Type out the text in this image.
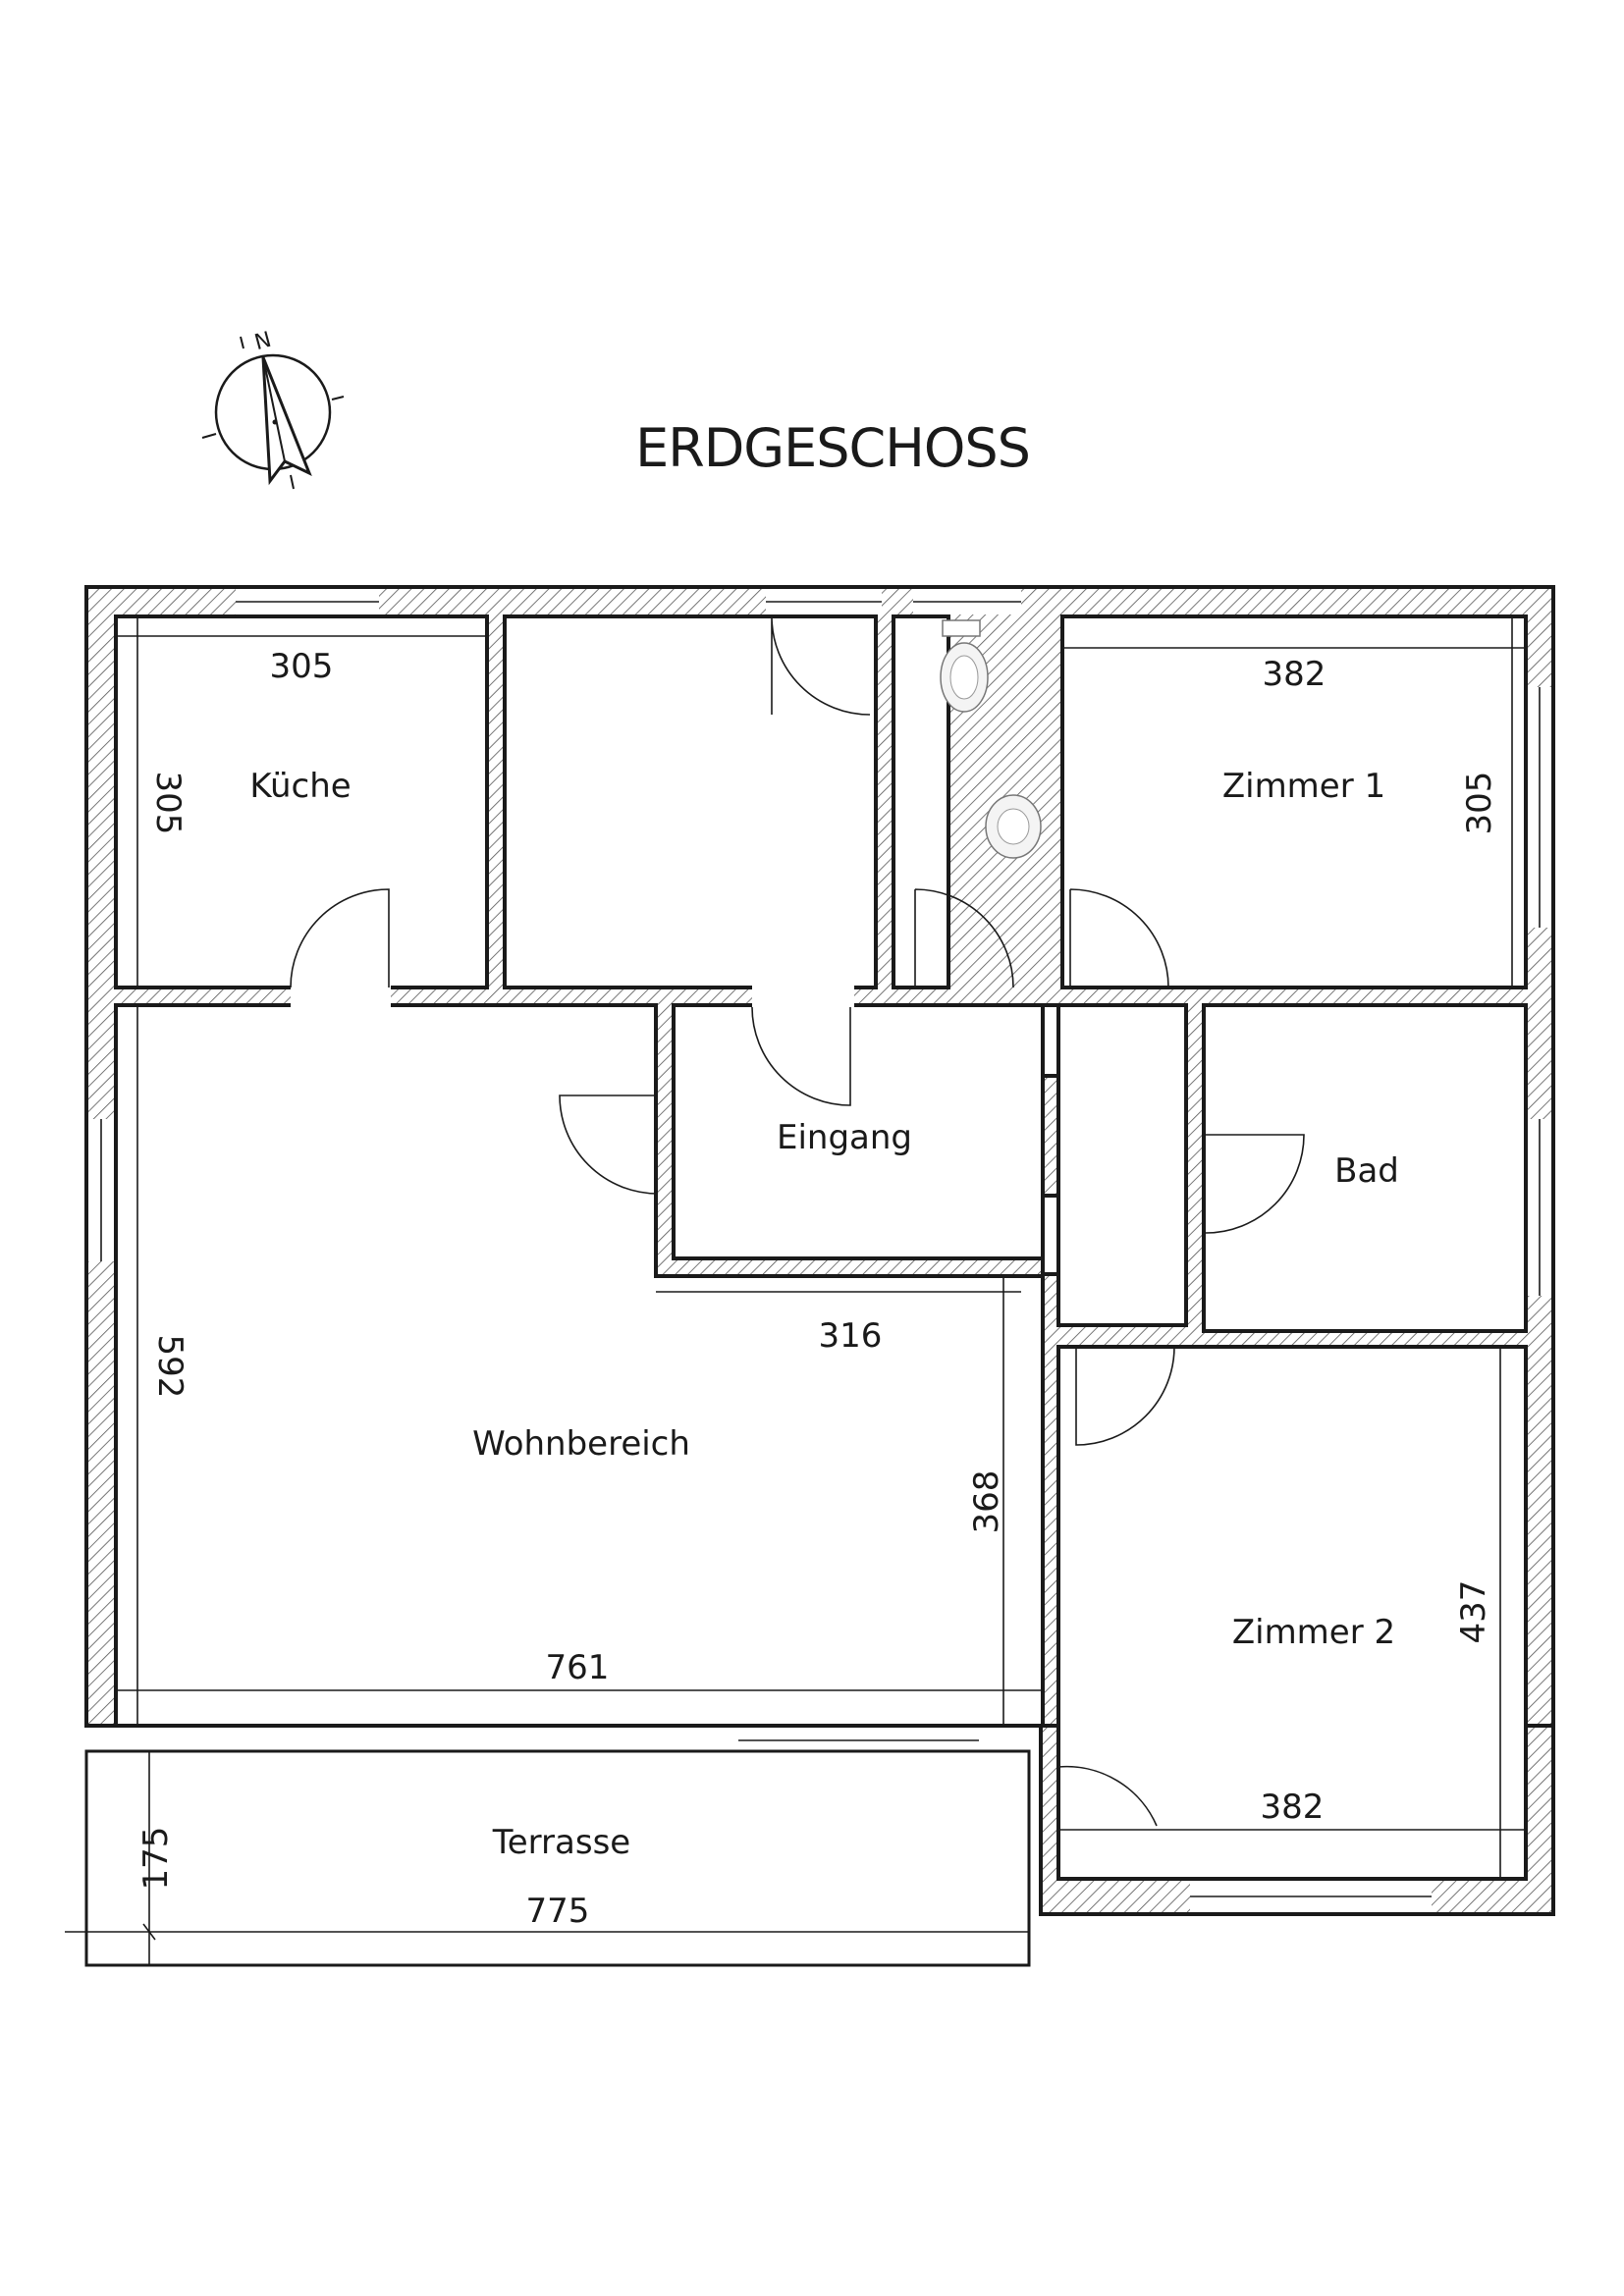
ERDGESCHOSS
N
Küche	Zimmer 1
Eingang
Bad
Wohnbereich
Zimmer 2
Terrasse
305
305
382
305
592	316
368
761
437
382
175
775
